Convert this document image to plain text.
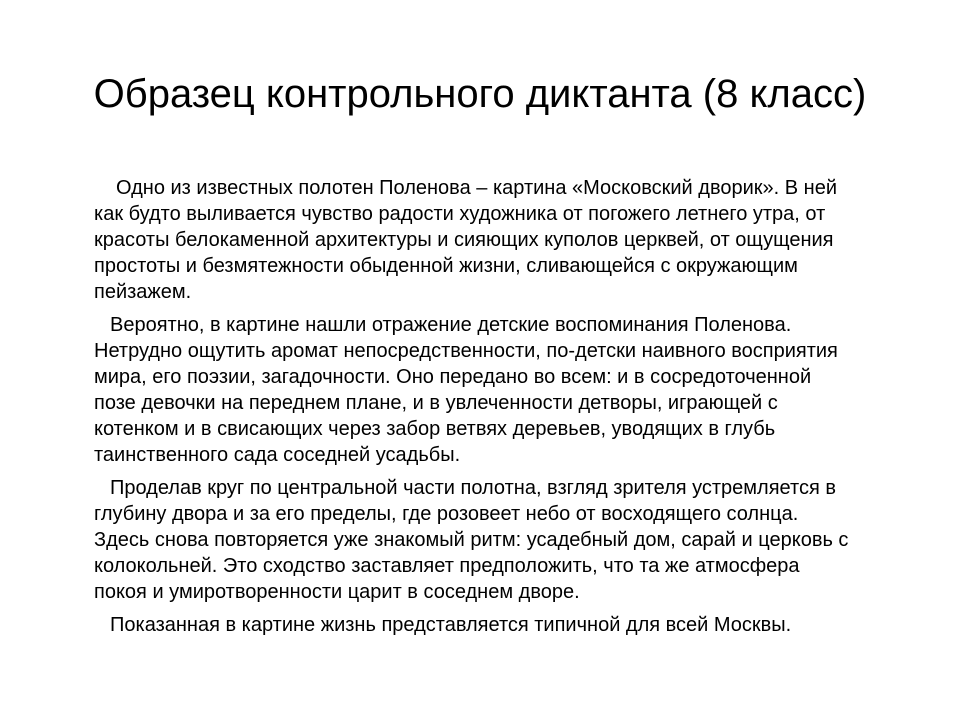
Образец контрольного диктанта (8 класс)

Одно из известных полотен Поленова – картина «Московский дворик». В ней
как будто выливается чувство радости художника от погожего летнего утра, от
красоты белокаменной архитектуры и сияющих куполов церквей, от ощущения
простоты и безмятежности обыденной жизни, сливающейся с окружающим
пейзажем.

Вероятно, в картине нашли отражение детские воспоминания Поленова.
Нетрудно ощутить аромат непосредственности, по-детски наивного восприятия
мира, его поэзии, загадочности. Оно передано во всем: и в сосредоточенной
позе девочки на переднем плане, и в увлеченности детворы, играющей с
котенком и в свисающих через забор ветвях деревьев, уводящих в глубь
таинственного сада соседней усадьбы.

Проделав круг по центральной части полотна, взгляд зрителя устремляется в
глубину двора и за его пределы, где розовеет небо от восходящего солнца.
Здесь снова повторяется уже знакомый ритм: усадебный дом, сарай и церковь с
колокольней. Это сходство заставляет предположить, что та же атмосфера
покоя и умиротворенности царит в соседнем дворе.

Показанная в картине жизнь представляется типичной для всей Москвы.
